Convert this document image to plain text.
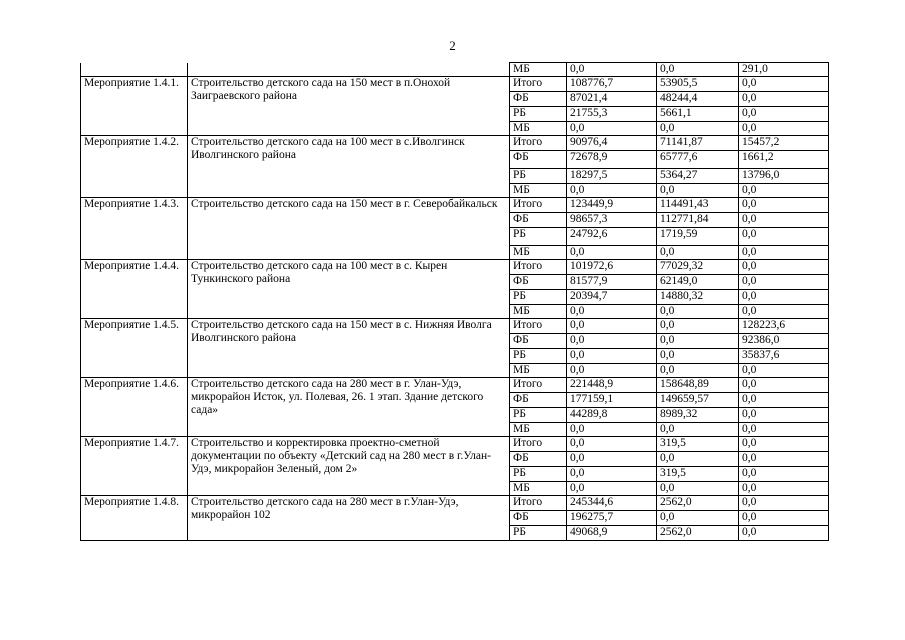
2
		МБ	0,0	0,0	291,0
Мероприятие 1.4.1.	Строительство детского сада на 150 мест в п.Онохой Заиграевского района	Итого	108776,7	53905,5	0,0
		ФБ	87021,4	48244,4	0,0
		РБ	21755,3	5661,1	0,0
		МБ	0,0	0,0	0,0
Мероприятие 1.4.2.	Строительство детского сада на 100 мест в с.Иволгинск Иволгинского района	Итого	90976,4	71141,87	15457,2
		ФБ	72678,9	65777,6	1661,2
		РБ	18297,5	5364,27	13796,0
		МБ	0,0	0,0	0,0
Мероприятие 1.4.3.	Строительство детского сада на 150 мест в г. Северобайкальск	Итого	123449,9	114491,43	0,0
		ФБ	98657,3	112771,84	0,0
		РБ	24792,6	1719,59	0,0
		МБ	0,0	0,0	0,0
Мероприятие 1.4.4.	Строительство детского сада на 100 мест в с. Кырен Тункинского района	Итого	101972,6	77029,32	0,0
		ФБ	81577,9	62149,0	0,0
		РБ	20394,7	14880,32	0,0
		МБ	0,0	0,0	0,0
Мероприятие 1.4.5.	Строительство детского сада на 150 мест в с. Нижняя Иволга Иволгинского района	Итого	0,0	0,0	128223,6
		ФБ	0,0	0,0	92386,0
		РБ	0,0	0,0	35837,6
		МБ	0,0	0,0	0,0
Мероприятие 1.4.6.	Строительство детского сада на 280 мест в г. Улан-Удэ, микрорайон Исток, ул. Полевая, 26. 1 этап. Здание детского сада»	Итого	221448,9	158648,89	0,0
		ФБ	177159,1	149659,57	0,0
		РБ	44289,8	8989,32	0,0
		МБ	0,0	0,0	0,0
Мероприятие 1.4.7.	Строительство и корректировка проектно-сметной документации по объекту «Детский сад на 280 мест в г.Улан-Удэ, микрорайон Зеленый, дом 2»	Итого	0,0	319,5	0,0
		ФБ	0,0	0,0	0,0
		РБ	0,0	319,5	0,0
		МБ	0,0	0,0	0,0
Мероприятие 1.4.8.	Строительство детского сада на 280 мест в г.Улан-Удэ, микрорайон 102	Итого	245344,6	2562,0	0,0
		ФБ	196275,7	0,0	0,0
		РБ	49068,9	2562,0	0,0
